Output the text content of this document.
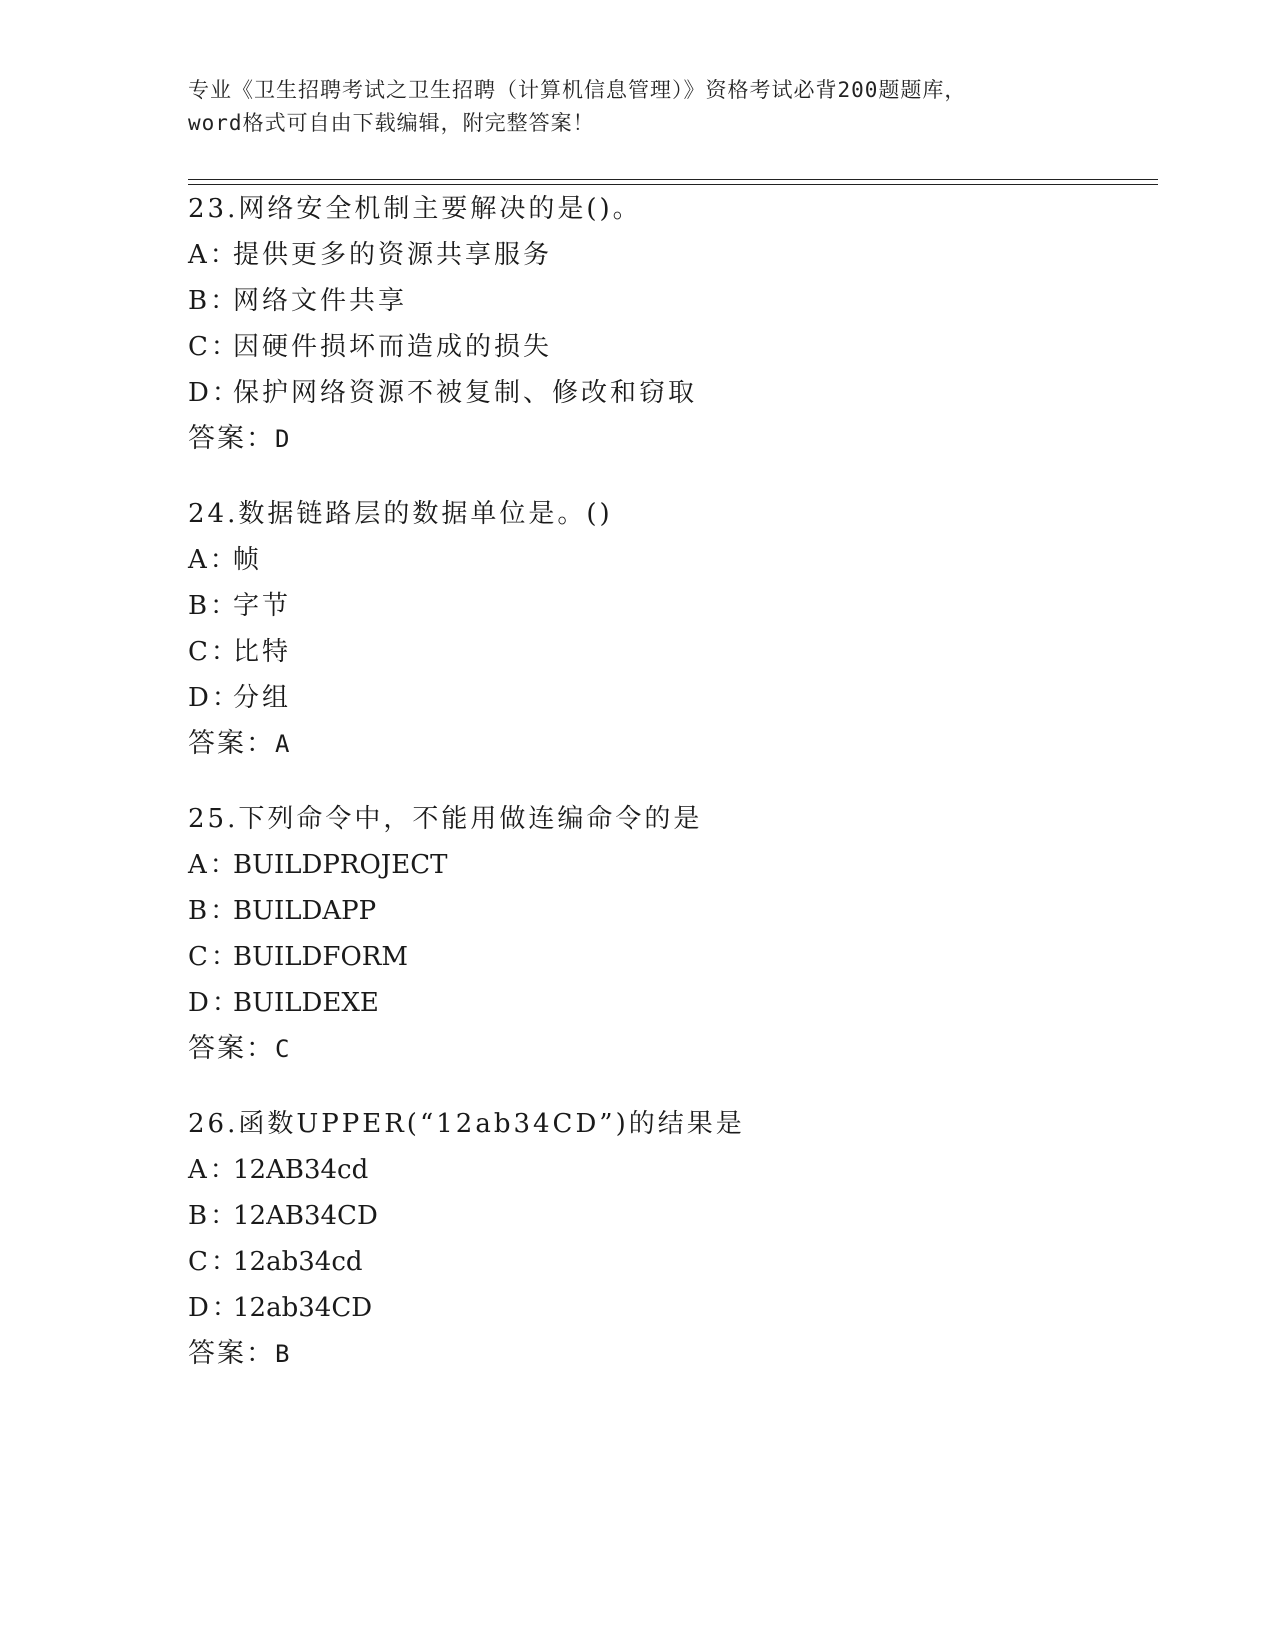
专业《卫生招聘考试之卫生招聘（计算机信息管理）》资格考试必背200题题库，
word格式可自由下载编辑，附完整答案！
23.网络安全机制主要解决的是()。
A：提供更多的资源共享服务
B：网络文件共享
C：因硬件损坏而造成的损失
D：保护网络资源不被复制、修改和窃取
答案：D
24.数据链路层的数据单位是。()
A：帧
B：字节
C：比特
D：分组
答案：A
25.下列命令中，不能用做连编命令的是
A：BUILDPROJECT
B：BUILDAPP
C：BUILDFORM
D：BUILDEXE
答案：C
26.函数UPPER(“12ab34CD”)的结果是
A：12AB34cd
B：12AB34CD
C：12ab34cd
D：12ab34CD
答案：B
